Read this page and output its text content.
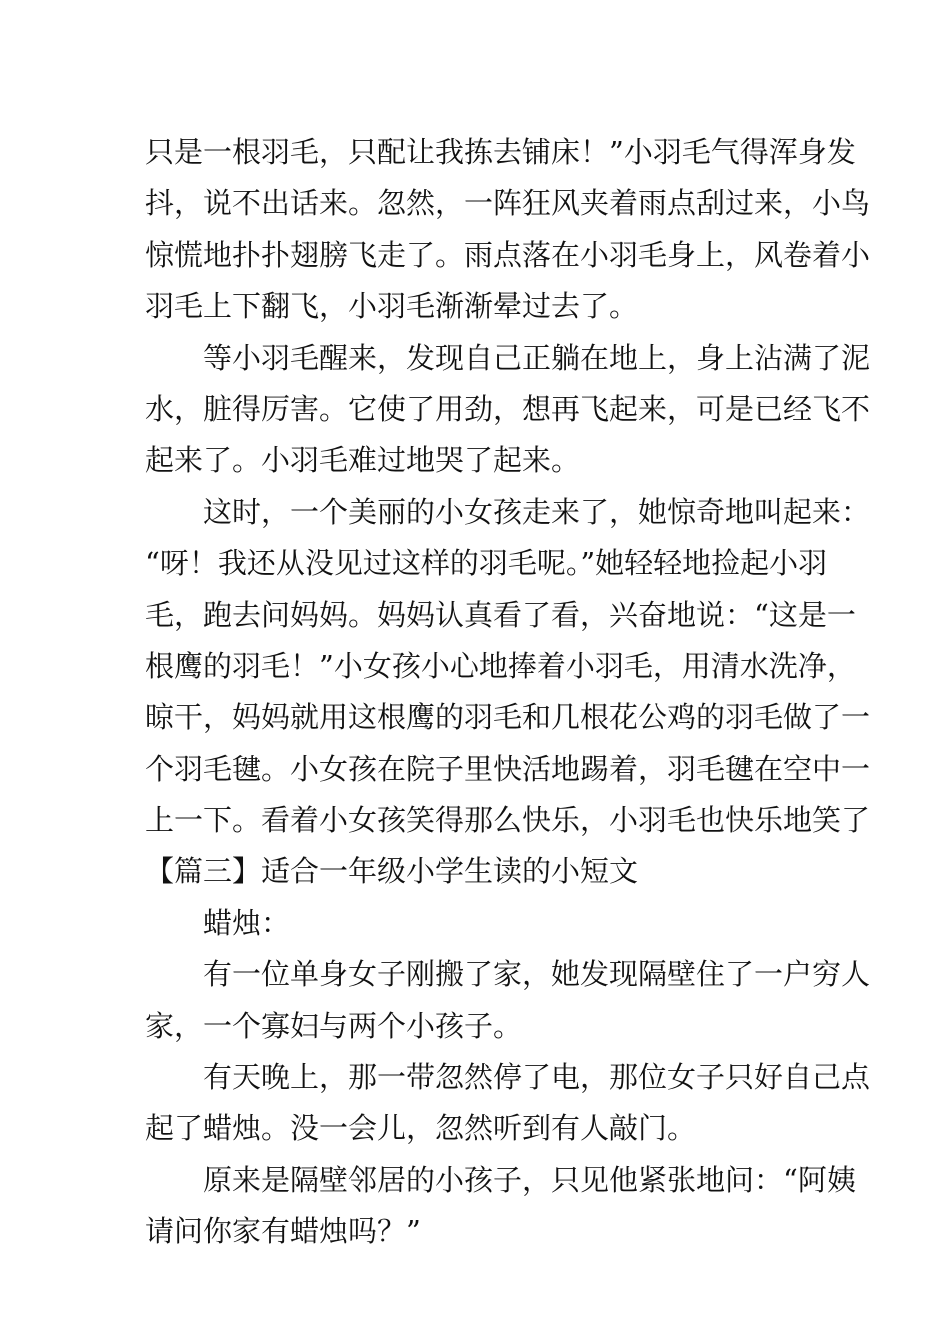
只是一根羽毛，只配让我拣去铺床！”小羽毛气得浑身发
抖，说不出话来。忽然，一阵狂风夹着雨点刮过来，小鸟
惊慌地扑扑翅膀飞走了。雨点落在小羽毛身上，风卷着小
羽毛上下翻飞，小羽毛渐渐晕过去了。
等小羽毛醒来，发现自己正躺在地上，身上沾满了泥
水，脏得厉害。它使了用劲，想再飞起来，可是已经飞不
起来了。小羽毛难过地哭了起来。
这时，一个美丽的小女孩走来了，她惊奇地叫起来：
“呀！我还从没见过这样的羽毛呢。”她轻轻地捡起小羽
毛，跑去问妈妈。妈妈认真看了看，兴奋地说：“这是一
根鹰的羽毛！”小女孩小心地捧着小羽毛，用清水洗净，
晾干，妈妈就用这根鹰的羽毛和几根花公鸡的羽毛做了一
个羽毛毽。小女孩在院子里快活地踢着，羽毛毽在空中一
上一下。看着小女孩笑得那么快乐，小羽毛也快乐地笑了
【篇三】适合一年级小学生读的小短文
蜡烛：
有一位单身女子刚搬了家，她发现隔壁住了一户穷人
家，一个寡妇与两个小孩子。
有天晚上，那一带忽然停了电，那位女子只好自己点
起了蜡烛。没一会儿，忽然听到有人敲门。
原来是隔壁邻居的小孩子，只见他紧张地问：“阿姨
请问你家有蜡烛吗？”
